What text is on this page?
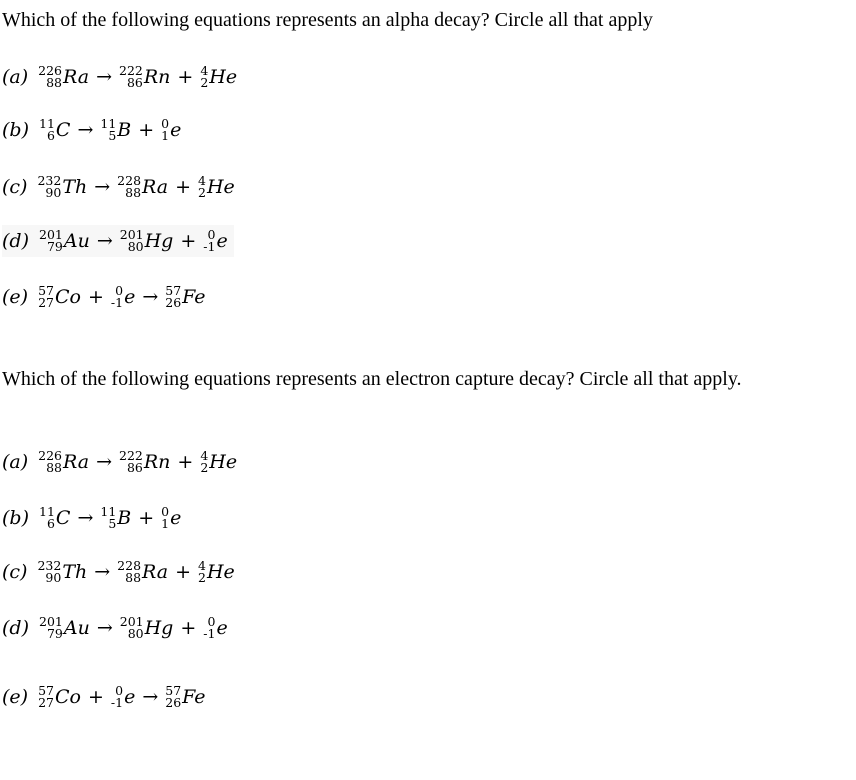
Which of the following equations represents an alpha decay? Circle all that apply
(a) 226
88 Ra → 222
86 Rn + 4
2 He
(b) 11
6 C → 11
5 B + 0
1 e
(c) 232
90 Th → 228
88 Ra + 4
2 He
(d) 201
79 Au → 201
80 Hg + 0
-1 e
(e) 57
27 Co + 0
-1 e → 57
26 Fe
Which of the following equations represents an electron capture decay? Circle all that apply.
(a) 226
88 Ra → 222
86 Rn + 4
2 He
(b) 11
6 C → 11
5 B + 0
1 e
(c) 232
90 Th → 228
88 Ra + 4
2 He
(d) 201
79 Au → 201
80 Hg + 0
-1 e
(e) 57
27 Co + 0
-1 e → 57
26 Fe
